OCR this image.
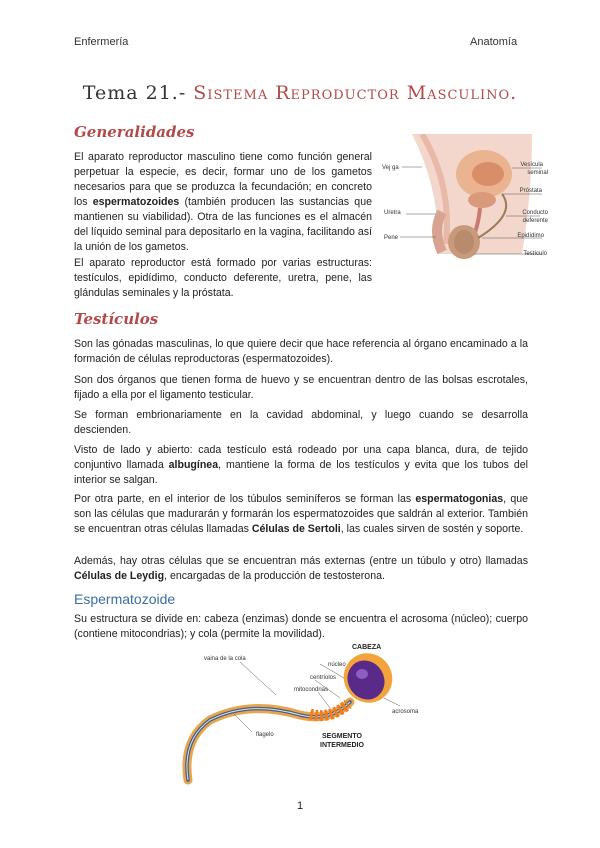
Enfermería	Anatomía
Tema 21.- Sistema Reproductor Masculino.
Generalidades
El aparato reproductor masculino tiene como función general perpetuar la especie, es decir, formar uno de los gametos necesarios para que se produzca la fecundación; en concreto los espermatozoides (también producen las sustancias que mantienen su viabilidad). Otra de las funciones es el almacén del líquido seminal para depositarlo en la vagina, facilitando así la unión de los gametos.
El aparato reproductor está formado por varias estructuras: testículos, epidídimo, conducto deferente, uretra, pene, las glándulas seminales y la próstata.
Vej ga
Uretra
Pene
Vesícula
seminal
Próstata
Conducto
deferente
Epidídimo
Testículo
Testículos
Son las gónadas masculinas, lo que quiere decir que hace referencia al órgano encaminado a la formación de células reproductoras (espermatozoides).
Son dos órganos que tienen forma de huevo y se encuentran dentro de las bolsas escrotales, fijado a ella por el ligamento testicular.
Se forman embrionariamente en la cavidad abdominal, y luego cuando se desarrolla descienden.
Visto de lado y abierto: cada testículo está rodeado por una capa blanca, dura, de tejido conjuntivo llamada albugínea, mantiene la forma de los testículos y evita que los tubos del interior se salgan.
Por otra parte, en el interior de los túbulos seminíferos se forman las espermatogonias, que son las células que madurarán y formarán los espermatozoides que saldrán al exterior. También se encuentran otras células llamadas Células de Sertoli, las cuales sirven de sostén y soporte.
Además, hay otras células que se encuentran más externas (entre un túbulo y otro) llamadas Células de Leydig, encargadas de la producción de testosterona.
Espermatozoide
Su estructura se divide en: cabeza (enzimas) donde se encuentra el acrosoma (núcleo); cuerpo (contiene mitocondrias); y cola (permite la movilidad).
vaina de la cola
CABEZA
núcleo
centríolos
mitocondrias
acrosoma
flagelo	SEGMENTO
INTERMEDIO
1
